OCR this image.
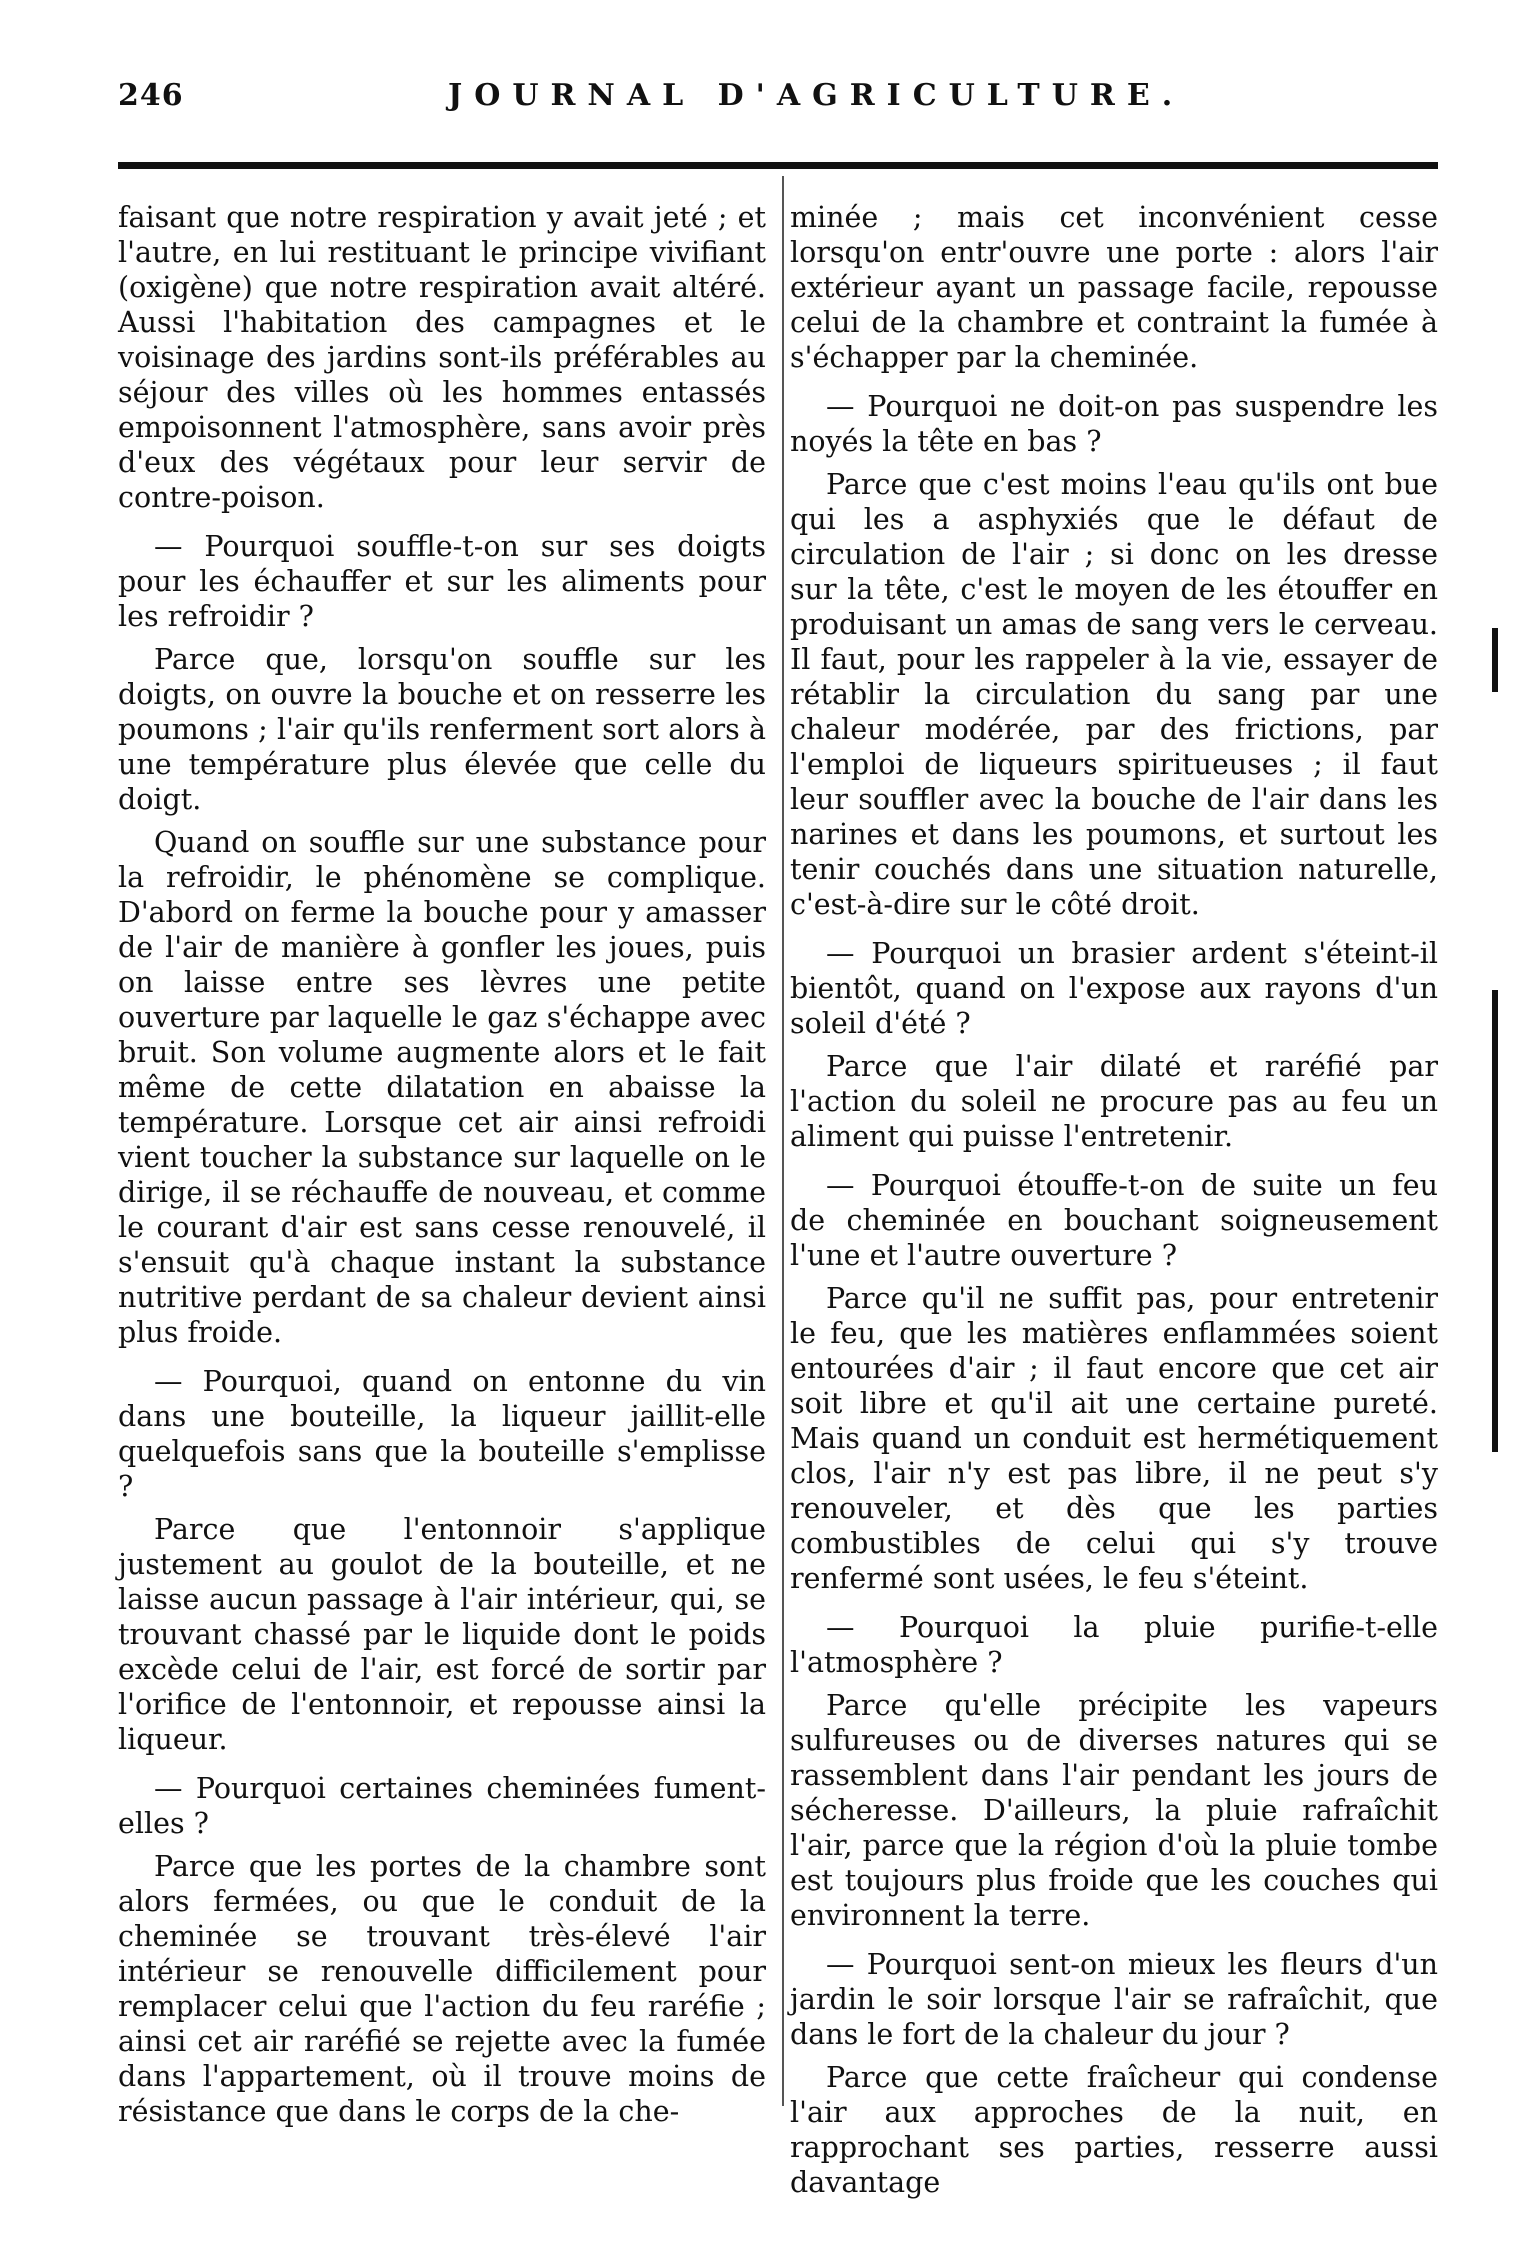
246	JOURNAL D'AGRICULTURE.

faisant que notre respiration y avait jeté ; et l'autre, en lui restituant le principe vivifiant (oxigène) que notre respiration avait altéré. Aussi l'habitation des campagnes et le voisinage des jardins sont-ils préférables au séjour des villes où les hommes entassés empoisonnent l'atmosphère, sans avoir près d'eux des végétaux pour leur servir de contre-poison.

— Pourquoi souffle-t-on sur ses doigts pour les échauffer et sur les aliments pour les refroidir ?

Parce que, lorsqu'on souffle sur les doigts, on ouvre la bouche et on resserre les poumons ; l'air qu'ils renferment sort alors à une température plus élevée que celle du doigt.

Quand on souffle sur une substance pour la refroidir, le phénomène se complique. D'abord on ferme la bouche pour y amasser de l'air de manière à gonfler les joues, puis on laisse entre ses lèvres une petite ouverture par laquelle le gaz s'échappe avec bruit. Son volume augmente alors et le fait même de cette dilatation en abaisse la température. Lorsque cet air ainsi refroidi vient toucher la substance sur laquelle on le dirige, il se réchauffe de nouveau, et comme le courant d'air est sans cesse renouvelé, il s'ensuit qu'à chaque instant la substance nutritive perdant de sa chaleur devient ainsi plus froide.

— Pourquoi, quand on entonne du vin dans une bouteille, la liqueur jaillit-elle quelquefois sans que la bouteille s'emplisse ?

Parce que l'entonnoir s'applique justement au goulot de la bouteille, et ne laisse aucun passage à l'air intérieur, qui, se trouvant chassé par le liquide dont le poids excède celui de l'air, est forcé de sortir par l'orifice de l'entonnoir, et repousse ainsi la liqueur.

— Pourquoi certaines cheminées fument-elles ?

Parce que les portes de la chambre sont alors fermées, ou que le conduit de la cheminée se trouvant très-élevé l'air intérieur se renouvelle difficilement pour remplacer celui que l'action du feu raréfie ; ainsi cet air raréfié se rejette avec la fumée dans l'appartement, où il trouve moins de résistance que dans le corps de la che-

minée ; mais cet inconvénient cesse lorsqu'on entr'ouvre une porte : alors l'air extérieur ayant un passage facile, repousse celui de la chambre et contraint la fumée à s'échapper par la cheminée.

— Pourquoi ne doit-on pas suspendre les noyés la tête en bas ?

Parce que c'est moins l'eau qu'ils ont bue qui les a asphyxiés que le défaut de circulation de l'air ; si donc on les dresse sur la tête, c'est le moyen de les étouffer en produisant un amas de sang vers le cerveau. Il faut, pour les rappeler à la vie, essayer de rétablir la circulation du sang par une chaleur modérée, par des frictions, par l'emploi de liqueurs spiritueuses ; il faut leur souffler avec la bouche de l'air dans les narines et dans les poumons, et surtout les tenir couchés dans une situation naturelle, c'est-à-dire sur le côté droit.

— Pourquoi un brasier ardent s'éteint-il bientôt, quand on l'expose aux rayons d'un soleil d'été ?

Parce que l'air dilaté et raréfié par l'action du soleil ne procure pas au feu un aliment qui puisse l'entretenir.

— Pourquoi étouffe-t-on de suite un feu de cheminée en bouchant soigneusement l'une et l'autre ouverture ?

Parce qu'il ne suffit pas, pour entretenir le feu, que les matières enflammées soient entourées d'air ; il faut encore que cet air soit libre et qu'il ait une certaine pureté. Mais quand un conduit est hermétiquement clos, l'air n'y est pas libre, il ne peut s'y renouveler, et dès que les parties combustibles de celui qui s'y trouve renfermé sont usées, le feu s'éteint.

— Pourquoi la pluie purifie-t-elle l'atmosphère ?

Parce qu'elle précipite les vapeurs sulfureuses ou de diverses natures qui se rassemblent dans l'air pendant les jours de sécheresse. D'ailleurs, la pluie rafraîchit l'air, parce que la région d'où la pluie tombe est toujours plus froide que les couches qui environnent la terre.

— Pourquoi sent-on mieux les fleurs d'un jardin le soir lorsque l'air se rafraîchit, que dans le fort de la chaleur du jour ?

Parce que cette fraîcheur qui condense l'air aux approches de la nuit, en rapprochant ses parties, resserre aussi davantage
